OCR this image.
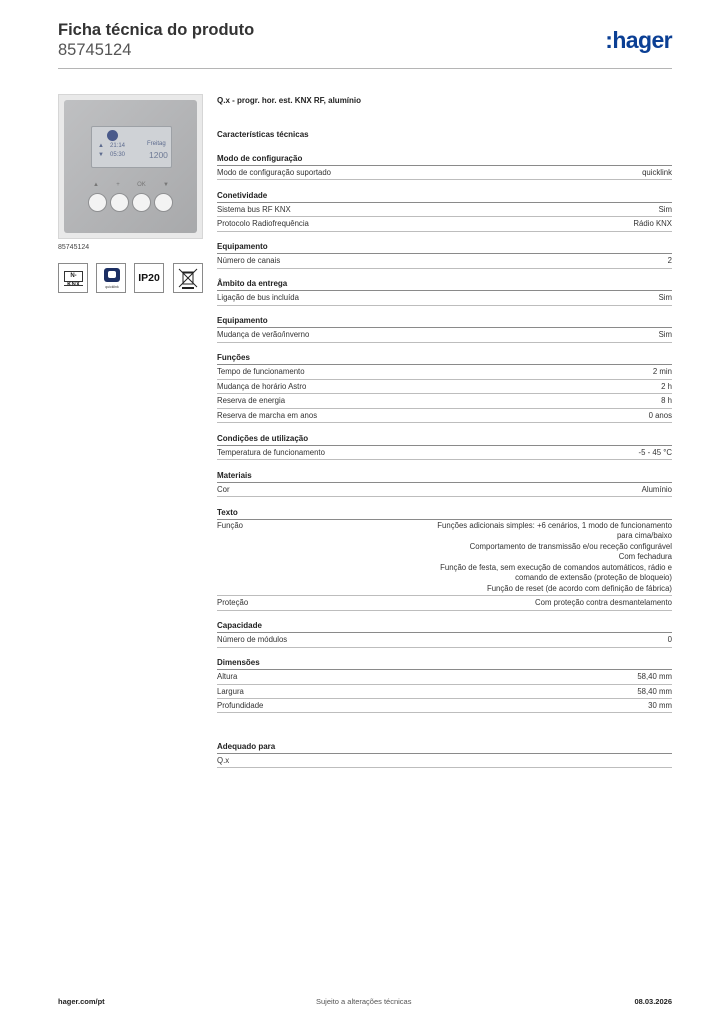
Ficha técnica do produto
85745124	:hager
▲ 21:14
▼ 05:30
Freitag
1200
▲	+	OK	▼
85745124
N-
quicklink
IP20
Q.x - progr. hor. est. KNX RF, alumínio
Características técnicas
Modo de configuração
Modo de configuração suportado	quicklink
Conetividade
Sistema bus RF KNX	Sim
Protocolo Radiofrequência	Rádio KNX
Equipamento
Número de canais	2
Âmbito da entrega
Ligação de bus incluída	Sim
Equipamento
Mudança de verão/inverno	Sim
Funções
Tempo de funcionamento	2 min
Mudança de horário Astro	2 h
Reserva de energia	8 h
Reserva de marcha em anos	0 anos
Condições de utilização
Temperatura de funcionamento	-5 - 45 °C
Materiais
Cor	Alumínio
Texto
Função	Funções adicionais simples: +6 cenários, 1 modo de funcionamento
para cima/baixo
Comportamento de transmissão e/ou receção configurável
Com fechadura
Função de festa, sem execução de comandos automáticos, rádio e
comando de extensão (proteção de bloqueio)
Função de reset (de acordo com definição de fábrica)
Proteção	Com proteção contra desmantelamento
Capacidade
Número de módulos	0
Dimensões
Altura	58,40 mm
Largura	58,40 mm
Profundidade	30 mm
Adequado para
Q.x
hager.com/pt	Sujeito a alterações técnicas	08.03.2026
